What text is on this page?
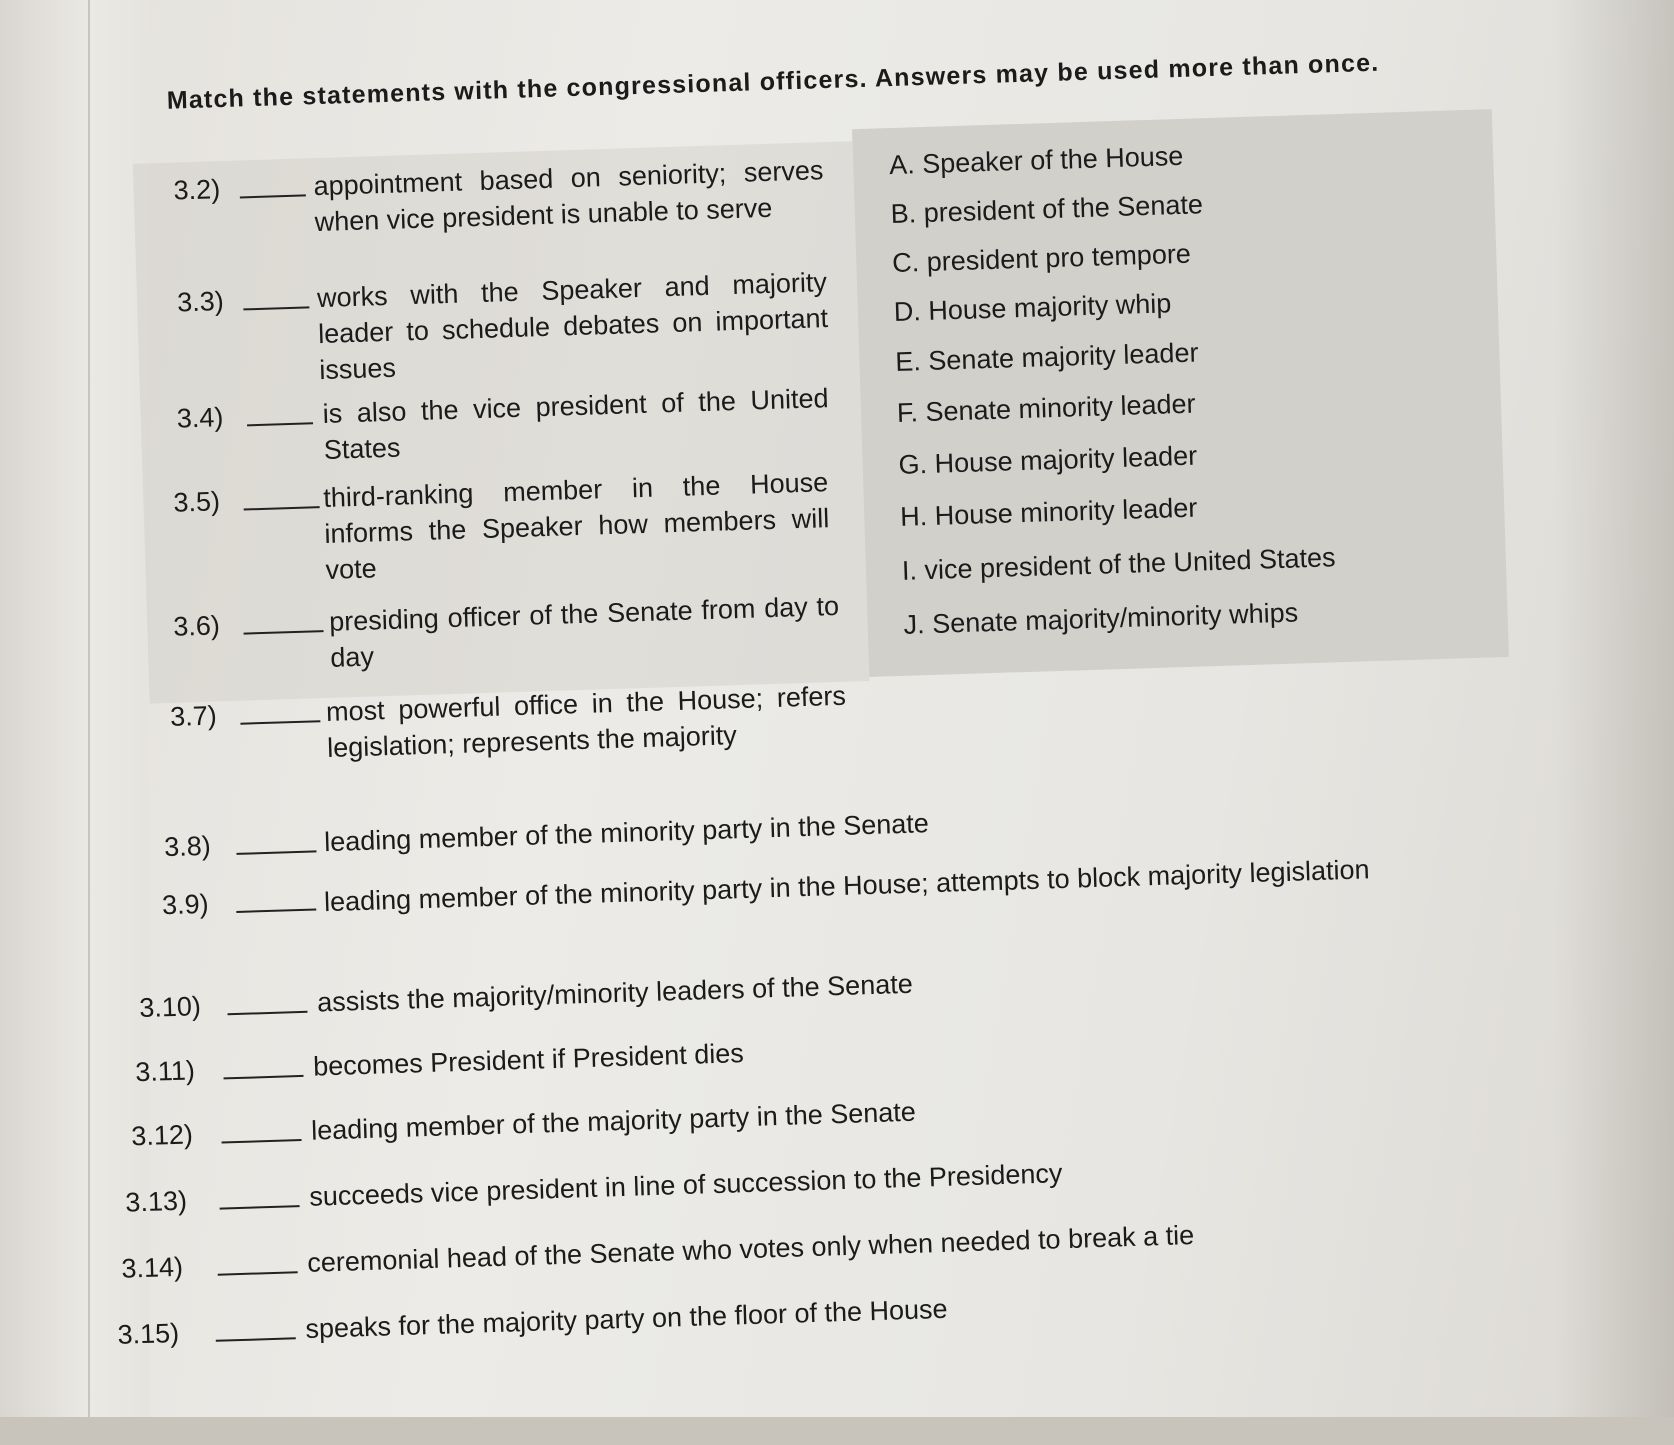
Match the statements with the congressional officers. Answers may be used more than once.
A. Speaker of the House
B. president of the Senate
C. president pro tempore
D. House majority whip
E. Senate majority leader
F. Senate minority leader
G. House majority leader
H. House minority leader
I. vice president of the United States
J. Senate majority/minority whips
3.2)	appointment based on seniority; serves when vice president is unable to serve
3.3)	works with the Speaker and majority leader to schedule debates on important issues
3.4)	is also the vice president of the United States
3.5)	third-ranking member in the House informs the Speaker how members will vote
3.6)	presiding officer of the Senate from day to day
3.7)	most powerful office in the House; refers legislation; represents the majority
3.8)	leading member of the minority party in the Senate
3.9)	leading member of the minority party in the House; attempts to block majority legislation
3.10)	assists the majority/minority leaders of the Senate
3.11)	becomes President if President dies
3.12)	leading member of the majority party in the Senate
3.13)	succeeds vice president in line of succession to the Presidency
3.14)	ceremonial head of the Senate who votes only when needed to break a tie
3.15)	speaks for the majority party on the floor of the House
